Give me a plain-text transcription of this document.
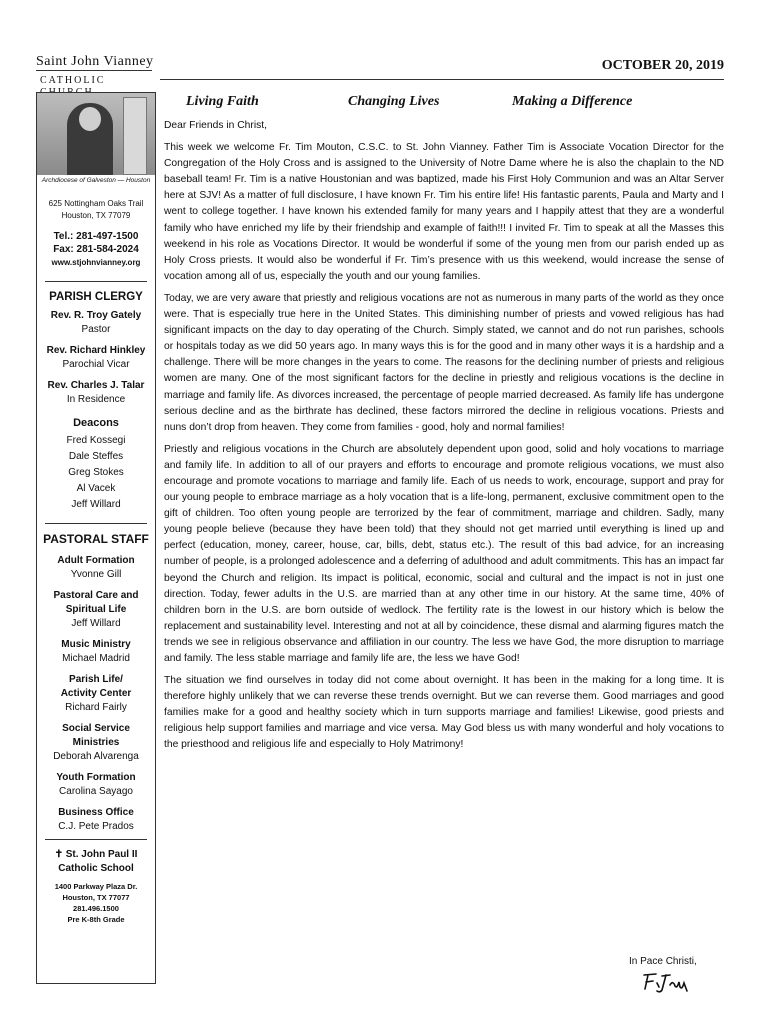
Saint John Vianney
CATHOLIC
OCTOBER 20, 2019
Living Faith	Changing Lives	Making a Difference
Archdiocese of Galveston — Houston
625 Nottingham Oaks Trail
Houston, TX 77079
Tel.: 281-497-1500
Fax: 281-584-2024
www.stjohnvianney.org
PARISH CLERGY
Rev. R. Troy Gately
Pastor
Rev. Richard Hinkley
Parochial Vicar
Rev. Charles J. Talar
In Residence
Deacons
Fred Kossegi
Dale Steffes
Greg Stokes
Al Vacek
Jeff Willard
PASTORAL STAFF
Adult Formation
Yvonne Gill
Pastoral Care and Spiritual Life
Jeff Willard
Music Ministry
Michael Madrid
Parish Life/ Activity Center
Richard Fairly
Social Service Ministries
Deborah Alvarenga
Youth Formation
Carolina Sayago
Business Office
C.J. Pete Prados
✝ St. John Paul II Catholic School
1400 Parkway Plaza Dr.
Houston, TX 77077
281.496.1500
Pre K-8th Grade

Dear Friends in Christ,

This week we welcome Fr. Tim Mouton, C.S.C. to St. John Vianney. Father Tim is Associate Vocation Director for the Congregation of the Holy Cross and is assigned to the University of Notre Dame where he is also the chaplain to the ND baseball team! Fr. Tim is a native Houstonian and was baptized, made his First Holy Communion and was an Altar Server here at SJV! As a matter of full disclosure, I have known Fr. Tim his entire life! His fantastic parents, Paula and Marty and I went to college together. I have known his extended family for many years and I happily attest that they are a wonderful family who have enriched my life by their friendship and example of faith!!! I invited Fr. Tim to speak at all the Masses this weekend in his role as Vocations Director. It would be wonderful if some of the young men from our parish ended up as Holy Cross priests. It would also be wonderful if Fr. Tim’s presence with us this weekend, would increase the sense of vocation among all of us, especially the youth and our young families.

Today, we are very aware that priestly and religious vocations are not as numerous in many parts of the world as they once were. That is especially true here in the United States. This diminishing number of priests and vowed religious has had significant impacts on the day to day operating of the Church. Simply stated, we cannot and do not run parishes, schools or hospitals today as we did 50 years ago. In many ways this is for the good and in many other ways it is a hardship and a challenge. There will be more changes in the years to come. The reasons for the declining number of priests and religious women are many. One of the most significant factors for the decline in priestly and religious vocations is the decline in marriage and family life. As divorces increased, the percentage of people married decreased. As family life has undergone serious decline and as the birthrate has declined, these factors mirrored the decline in religious vocations. Priests and nuns don’t drop from heaven. They come from families - good, holy and normal families!

Priestly and religious vocations in the Church are absolutely dependent upon good, solid and holy vocations to marriage and family life. In addition to all of our prayers and efforts to encourage and promote religious vocations, we must also encourage and promote vocations to marriage and family life. Each of us needs to work, encourage, support and pray for our young people to embrace marriage as a holy vocation that is a life-long, permanent, exclusive commitment open to the gift of children. Too often young people are terrorized by the fear of commitment, marriage and children. Sadly, many young people believe (because they have been told) that they should not get married until everything is lined up and perfect (education, money, career, house, car, bills, debt, status etc.). The result of this bad advice, for an increasing number of people, is a prolonged adolescence and a deferring of adulthood and adult commitments. This has an impact far beyond the Church and religion. Its impact is political, economic, social and cultural and the impact is not in just one direction. Today, fewer adults in the U.S. are married than at any other time in our history. At the same time, 40% of children born in the U.S. are born outside of wedlock. The fertility rate is the lowest in our history which is below the replacement and sustainability level. Interesting and not at all by coincidence, these dismal and alarming figures match the trends we see in religious observance and affiliation in our country. The less we have God, the more disruption to marriage and family. The less stable marriage and family life are, the less we have God!

The situation we find ourselves in today did not come about overnight. It has been in the making for a long time. It is therefore highly unlikely that we can reverse these trends overnight. But we can reverse them. Good marriages and good families make for a good and healthy society which in turn supports marriage and families! Likewise, good priests and religious help support families and marriage and vice versa. May God bless us with many wonderful and holy vocations to the priesthood and religious life and especially to Holy Matrimony!

In Pace Christi,
